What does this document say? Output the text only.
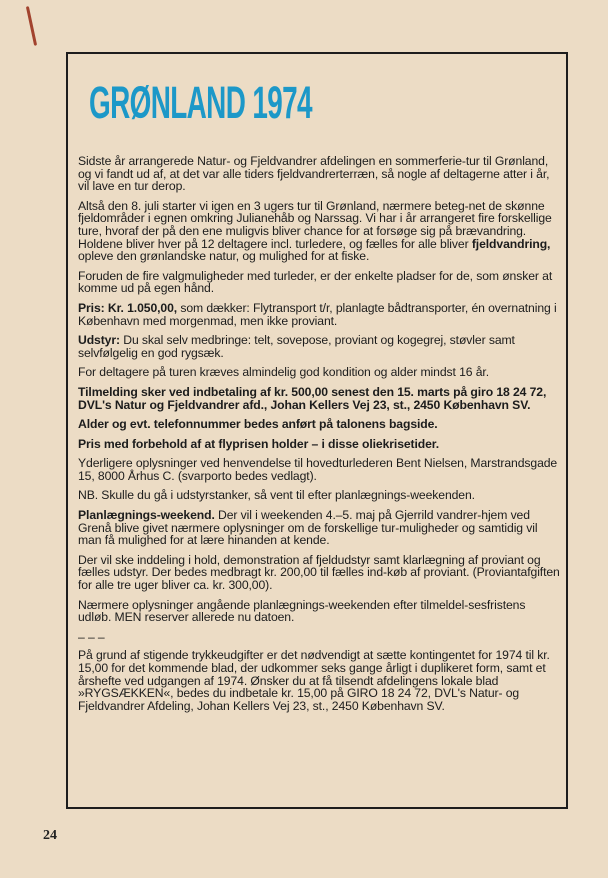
GRØNLAND 1974

Sidste år arrangerede Natur- og Fjeldvandrer afdelingen en sommerferie-tur til Grønland, og vi fandt ud af, at det var alle tiders fjeldvandrerterræn, så nogle af deltagerne atter i år, vil lave en tur derop.

Altså den 8. juli starter vi igen en 3 ugers tur til Grønland, nærmere beteg-net de skønne fjeldområder i egnen omkring Julianehåb og Narssag. Vi har i år arrangeret fire forskellige ture, hvoraf der på den ene muligvis bliver chance for at forsøge sig på brævandring. Holdene bliver hver på 12 deltagere incl. turledere, og fælles for alle bliver fjeldvandring, opleve den grønlandske natur, og mulighed for at fiske.

Foruden de fire valgmuligheder med turleder, er der enkelte pladser for de, som ønsker at komme ud på egen hånd.

Pris: Kr. 1.050,00, som dækker: Flytransport t/r, planlagte bådtransporter, én overnatning i København med morgenmad, men ikke proviant.

Udstyr: Du skal selv medbringe: telt, sovepose, proviant og kogegrej, støvler samt selvfølgelig en god rygsæk.

For deltagere på turen kræves almindelig god kondition og alder mindst 16 år.

Tilmelding sker ved indbetaling af kr. 500,00 senest den 15. marts på giro 18 24 72, DVL's Natur og Fjeldvandrer afd., Johan Kellers Vej 23, st., 2450 København SV.

Alder og evt. telefonnummer bedes anført på talonens bagside.

Pris med forbehold af at flyprisen holder – i disse oliekrisetider.

Yderligere oplysninger ved henvendelse til hovedturlederen Bent Nielsen, Marstrandsgade 15, 8000 Århus C. (svarporto bedes vedlagt).

NB. Skulle du gå i udstyrstanker, så vent til efter planlægnings-weekenden.

Planlægnings-weekend. Der vil i weekenden 4.–5. maj på Gjerrild vandrer-hjem ved Grenå blive givet nærmere oplysninger om de forskellige tur-muligheder og samtidig vil man få mulighed for at lære hinanden at kende.

Der vil ske inddeling i hold, demonstration af fjeldudstyr samt klarlægning af proviant og fælles udstyr. Der bedes medbragt kr. 200,00 til fælles ind-køb af proviant. (Proviantafgiften for alle tre uger bliver ca. kr. 300,00).

Nærmere oplysninger angående planlægnings-weekenden efter tilmeldel-sesfristens udløb. MEN reserver allerede nu datoen.

– – –

På grund af stigende trykkeudgifter er det nødvendigt at sætte kontingentet for 1974 til kr. 15,00 for det kommende blad, der udkommer seks gange årligt i duplikeret form, samt et årshefte ved udgangen af 1974. Ønsker du at få tilsendt afdelingens lokale blad »RYGSÆKKEN«, bedes du indbetale kr. 15,00 på GIRO 18 24 72, DVL's Natur- og Fjeldvandrer Afdeling, Johan Kellers Vej 23, st., 2450 København SV.

24
